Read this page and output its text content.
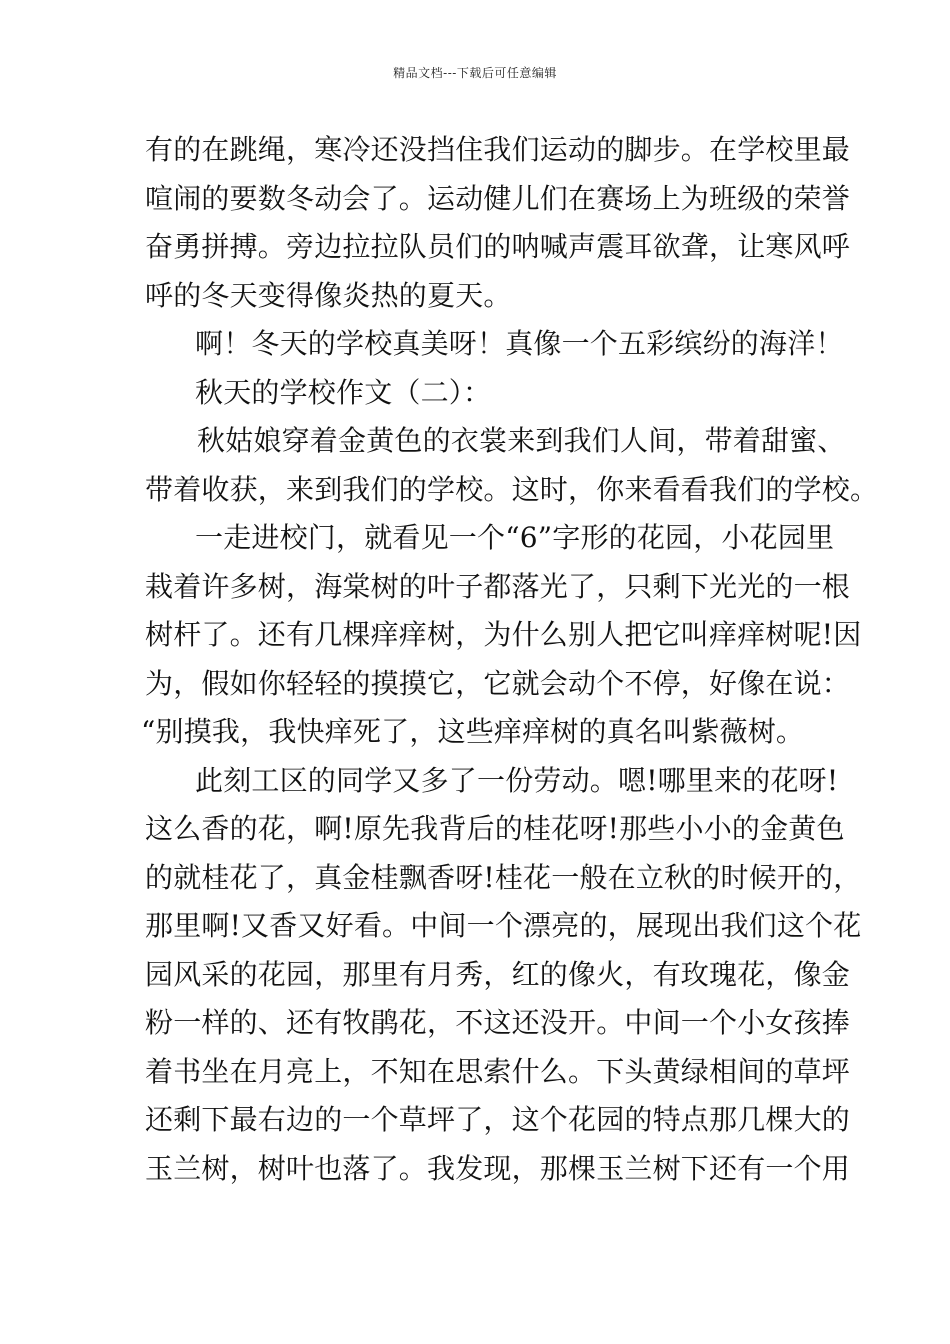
精品文档---下载后可任意编辑
有的在跳绳，寒冷还没挡住我们运动的脚步。在学校里最
喧闹的要数冬动会了。运动健儿们在赛场上为班级的荣誉
奋勇拼搏。旁边拉拉队员们的呐喊声震耳欲聋，让寒风呼
呼的冬天变得像炎热的夏天。
啊！冬天的学校真美呀！真像一个五彩缤纷的海洋！
秋天的学校作文（二）：
秋姑娘穿着金黄色的衣裳来到我们人间，带着甜蜜、
带着收获，来到我们的学校。这时，你来看看我们的学校。
一走进校门，就看见一个“6”字形的花园，小花园里
栽着许多树，海棠树的叶子都落光了，只剩下光光的一根
树杆了。还有几棵痒痒树，为什么别人把它叫痒痒树呢!因
为，假如你轻轻的摸摸它，它就会动个不停，好像在说：
“别摸我，我快痒死了，这些痒痒树的真名叫紫薇树。
此刻工区的同学又多了一份劳动。嗯!哪里来的花呀!
这么香的花，啊!原先我背后的桂花呀!那些小小的金黄色
的就桂花了，真金桂飘香呀!桂花一般在立秋的时候开的，
那里啊!又香又好看。中间一个漂亮的，展现出我们这个花
园风采的花园，那里有月秀，红的像火，有玫瑰花，像金
粉一样的、还有牧鹃花，不这还没开。中间一个小女孩捧
着书坐在月亮上，不知在思索什么。下头黄绿相间的草坪
还剩下最右边的一个草坪了，这个花园的特点那几棵大的
玉兰树，树叶也落了。我发现，那棵玉兰树下还有一个用
